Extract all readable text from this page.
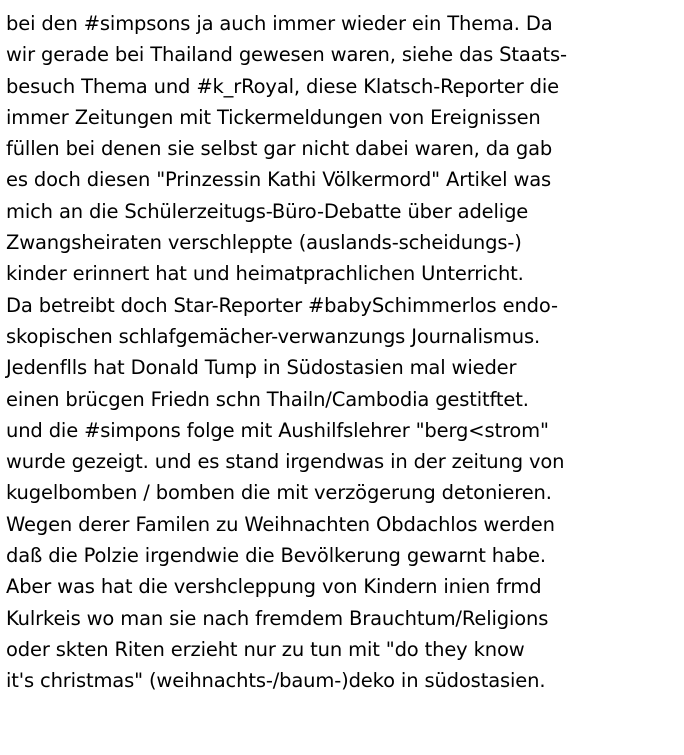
bei den #simpsons ja auch immer wieder ein Thema. Da
wir gerade bei Thailand gewesen waren, siehe das Staats-
besuch Thema und #k_rRoyal, diese Klatsch-Reporter die
immer Zeitungen mit Tickermeldungen von Ereignissen
füllen bei denen sie selbst gar nicht dabei waren, da gab
es doch diesen "Prinzessin Kathi Völkermord" Artikel was
mich an die Schülerzeitugs-Büro-Debatte über adelige
Zwangsheiraten verschleppte (auslands-scheidungs-)
kinder erinnert hat und heimatprachlichen Unterricht.
Da betreibt doch Star-Reporter #babySchimmerlos endo-
skopischen schlafgemächer-verwanzungs Journalismus.
Jedenflls hat Donald Tump in Südostasien mal wieder
einen brücgen Friedn schn Thailn/Cambodia gestitftet.
und die #simpons folge mit Aushilfslehrer "berg<strom"
wurde gezeigt. und es stand irgendwas in der zeitung von
kugelbomben / bomben die mit verzögerung detonieren.
Wegen derer Familen zu Weihnachten Obdachlos werden
daß die Polzie irgendwie die Bevölkerung gewarnt habe.
Aber was hat die vershcleppung von Kindern inien frmd
Kulrkeis wo man sie nach fremdem Brauchtum/Religions
oder skten Riten erzieht nur zu tun mit "do they know
it's christmas" (weihnachts-/baum-)deko in südostasien.
